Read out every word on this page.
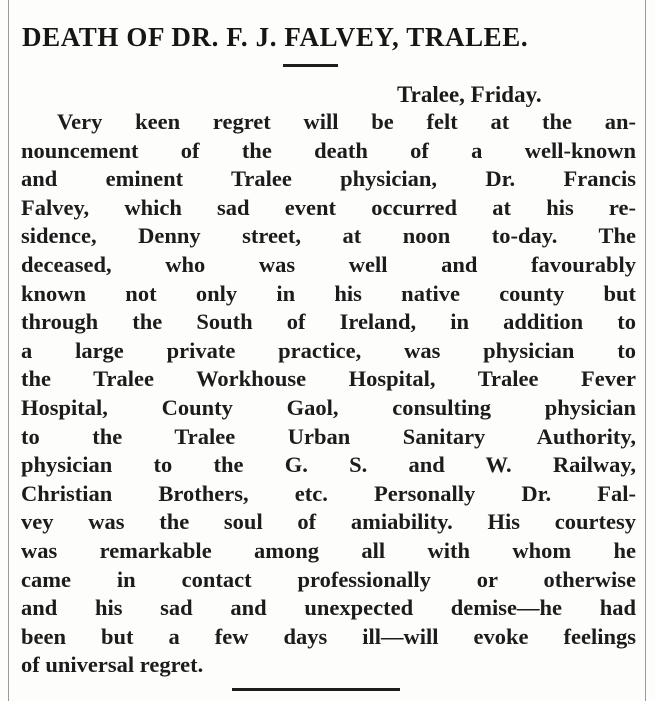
DEATH OF DR. F. J. FALVEY, TRALEE.
Tralee, Friday.
Very keen regret will be felt at the an-
nouncement of the death of a well-known
and eminent Tralee physician, Dr. Francis
Falvey, which sad event occurred at his re-
sidence, Denny street, at noon to-day. The
deceased, who was well and favourably
known not only in his native county but
through the South of Ireland, in addition to
a large private practice, was physician to
the Tralee Workhouse Hospital, Tralee Fever
Hospital, County Gaol, consulting physician
to the Tralee Urban Sanitary Authority,
physician to the G. S. and W. Railway,
Christian Brothers, etc. Personally Dr. Fal-
vey was the soul of amiability. His courtesy
was remarkable among all with whom he
came in contact professionally or otherwise
and his sad and unexpected demise—he had
been but a few days ill—will evoke feelings
of universal regret.
